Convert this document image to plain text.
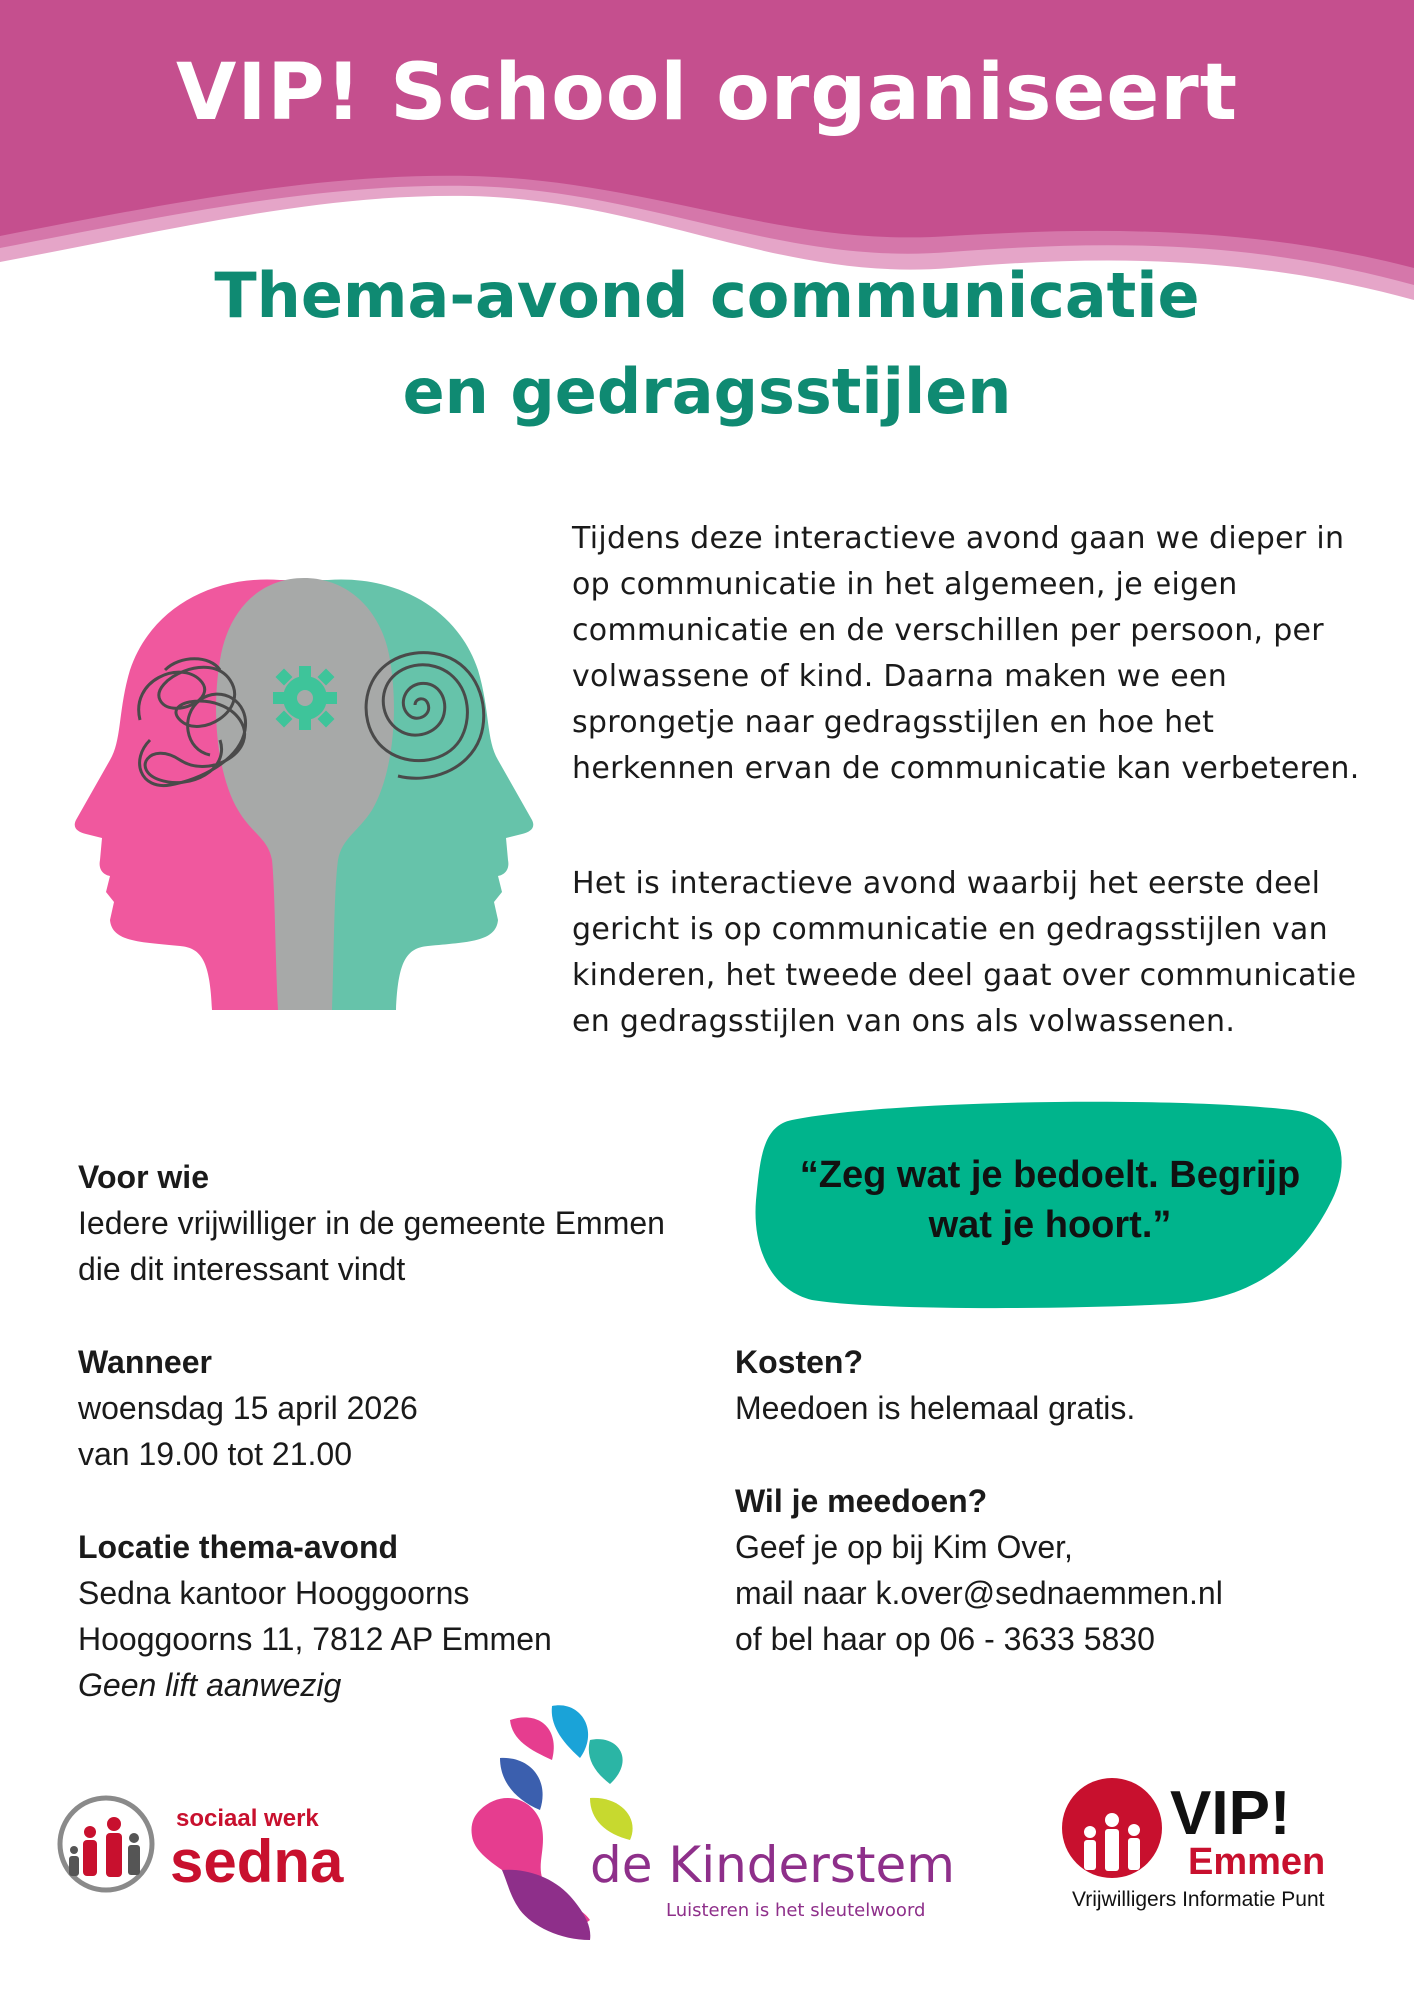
VIP! School organiseert
Thema-avond communicatie
en gedragsstijlen
Tijdens deze interactieve avond gaan we dieper in op communicatie in het algemeen, je eigen communicatie en de verschillen per persoon, per volwassene of kind. Daarna maken we een sprongetje naar gedragsstijlen en hoe het herkennen ervan de communicatie kan verbeteren.
Het is interactieve avond waarbij het eerste deel gericht is op communicatie en gedragsstijlen van kinderen, het tweede deel gaat over communicatie en gedragsstijlen van ons als volwassenen.
“Zeg wat je bedoelt. Begrijp wat je hoort.”
Voor wie
Iedere vrijwilliger in de gemeente Emmen
die dit interessant vindt
Wanneer
woensdag 15 april 2026
van 19.00 tot 21.00
Locatie thema-avond
Sedna kantoor Hooggoorns
Hooggoorns 11, 7812 AP Emmen
Geen lift aanwezig
Kosten?
Meedoen is helemaal gratis.
Wil je meedoen?
Geef je op bij Kim Over,
mail naar k.over@sednaemmen.nl
of bel haar op 06 - 3633 5830
sociaal werk
sedna	de Kinderstem
Luisteren is het sleutelwoord
VIP!
Emmen
Vrijwilligers Informatie Punt
